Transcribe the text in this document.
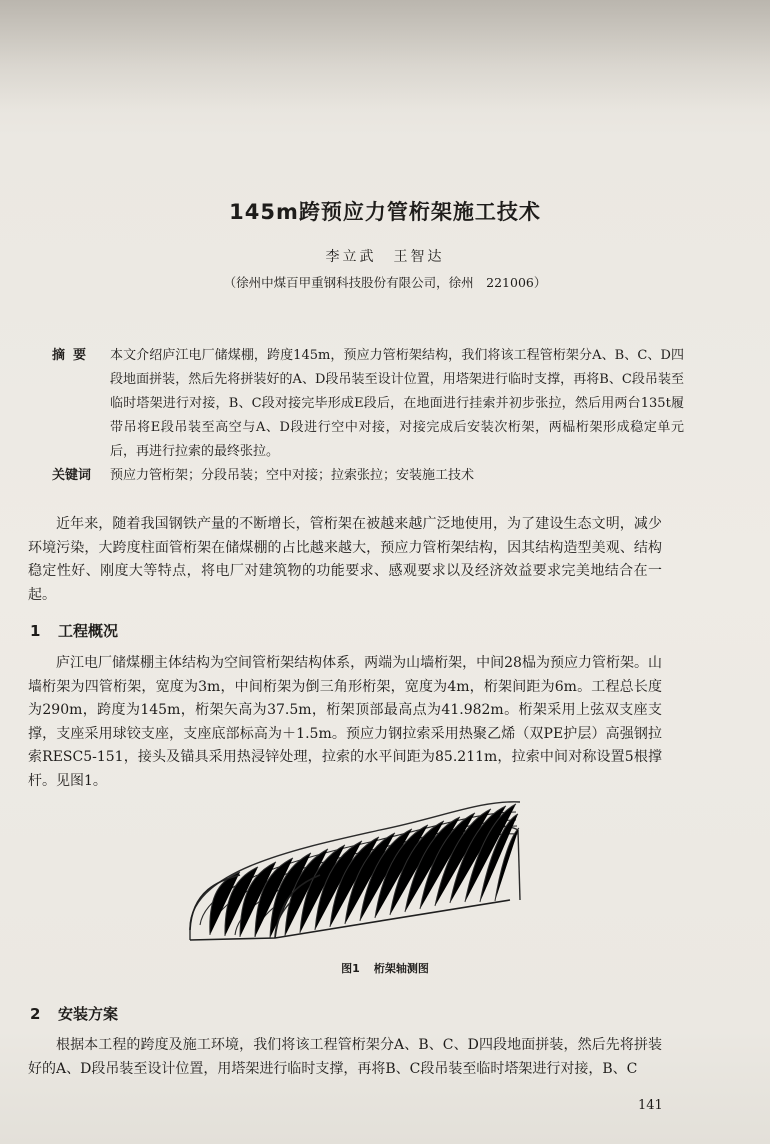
145m跨预应力管桁架施工技术
李立武　王智达
（徐州中煤百甲重钢科技股份有限公司，徐州　221006）
摘要 本文介绍庐江电厂储煤棚，跨度145m，预应力管桁架结构，我们将该工程管桁架分A、B、C、D四段地面拼装，然后先将拼装好的A、D段吊装至设计位置，用塔架进行临时支撑，再将B、C段吊装至临时塔架进行对接，B、C段对接完毕形成E段后，在地面进行挂索并初步张拉，然后用两台135t履带吊将E段吊装至高空与A、D段进行空中对接，对接完成后安装次桁架，两榀桁架形成稳定单元后，再进行拉索的最终张拉。
关键词 预应力管桁架；分段吊装；空中对接；拉索张拉；安装施工技术
近年来，随着我国钢铁产量的不断增长，管桁架在被越来越广泛地使用，为了建设生态文明，减少环境污染，大跨度柱面管桁架在储煤棚的占比越来越大，预应力管桁架结构，因其结构造型美观、结构稳定性好、刚度大等特点，将电厂对建筑物的功能要求、感观要求以及经济效益要求完美地结合在一起。
1 工程概况
庐江电厂储煤棚主体结构为空间管桁架结构体系，两端为山墙桁架，中间28榀为预应力管桁架。山墙桁架为四管桁架，宽度为3m，中间桁架为倒三角形桁架，宽度为4m，桁架间距为6m。工程总长度为290m，跨度为145m，桁架矢高为37.5m，桁架顶部最高点为41.982m。桁架采用上弦双支座支撑，支座采用球铰支座，支座底部标高为＋1.5m。预应力钢拉索采用热聚乙烯（双PE护层）高强钢拉索RESC5-151，接头及锚具采用热浸锌处理，拉索的水平间距为85.211m，拉索中间对称设置5根撑杆。见图1。
图1 桁架轴测图
2 安装方案
根据本工程的跨度及施工环境，我们将该工程管桁架分A、B、C、D四段地面拼装，然后先将拼装好的A、D段吊装至设计位置，用塔架进行临时支撑，再将B、C段吊装至临时塔架进行对接，B、C
141
